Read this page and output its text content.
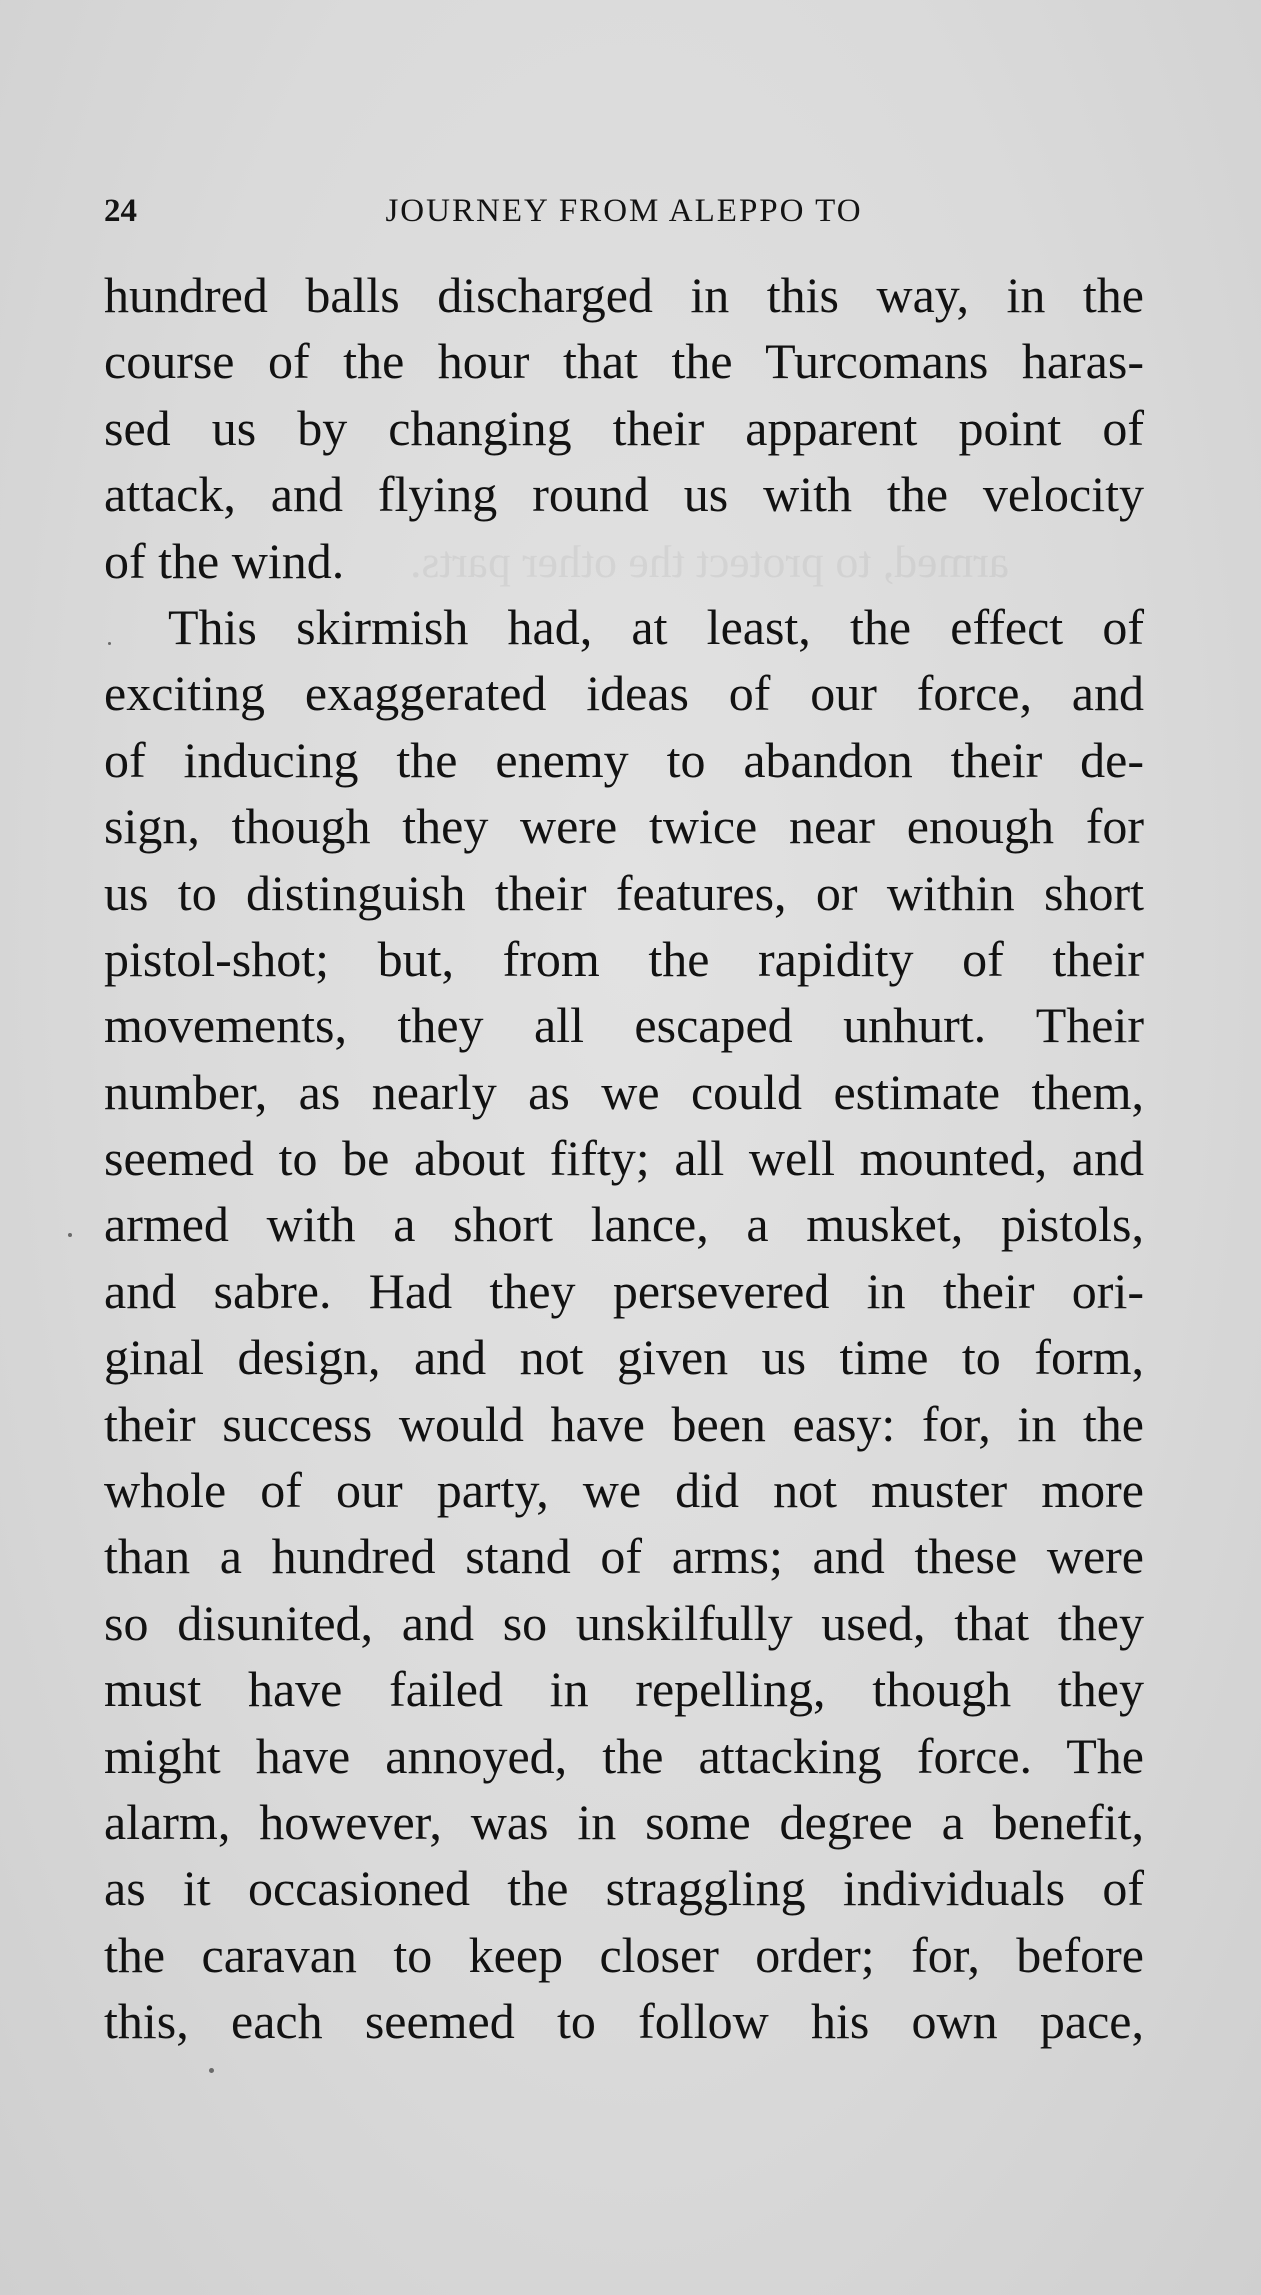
armed, to protect the other parts.
24	JOURNEY FROM ALEPPO TO
hundred balls discharged in this way, in the
course of the hour that the Turcomans haras-
sed us by changing their apparent point of
attack, and flying round us with the velocity
of the wind.
This skirmish had, at least, the effect of
exciting exaggerated ideas of our force, and
of inducing the enemy to abandon their de-
sign, though they were twice near enough for
us to distinguish their features, or within short
pistol-shot; but, from the rapidity of their
movements, they all escaped unhurt. Their
number, as nearly as we could estimate them,
seemed to be about fifty; all well mounted, and
armed with a short lance, a musket, pistols,
and sabre. Had they persevered in their ori-
ginal design, and not given us time to form,
their success would have been easy: for, in the
whole of our party, we did not muster more
than a hundred stand of arms; and these were
so disunited, and so unskilfully used, that they
must have failed in repelling, though they
might have annoyed, the attacking force. The
alarm, however, was in some degree a benefit,
as it occasioned the straggling individuals of
the caravan to keep closer order; for, before
this, each seemed to follow his own pace,
